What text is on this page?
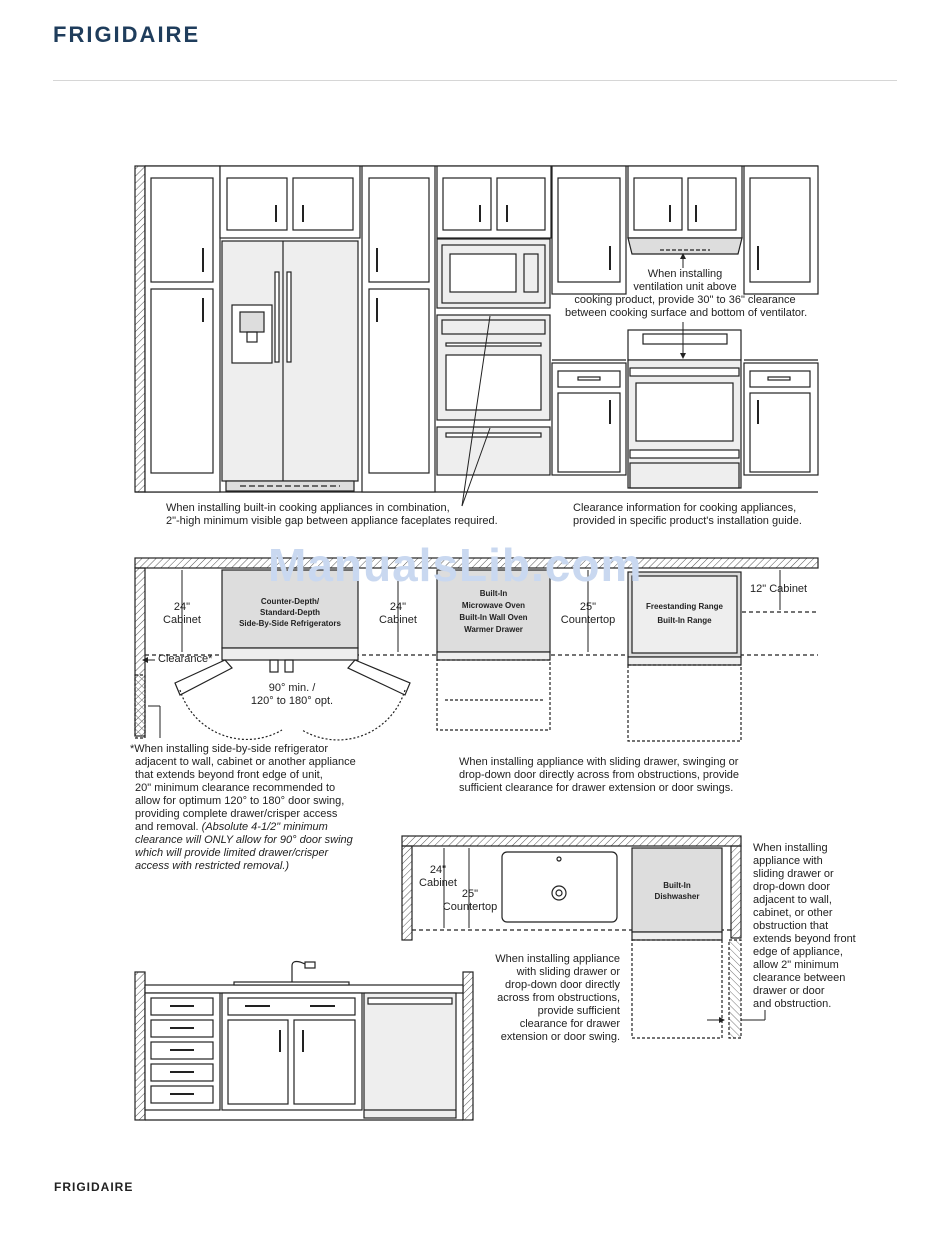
FRIGIDAIRE
ManualsLib.com
When installing
ventilation unit above
cooking product, provide 30" to 36" clearance
between cooking surface and bottom of ventilator.
When installing built-in cooking appliances in combination,
2"-high minimum visible gap between appliance faceplates required.
Clearance information for cooking appliances,
provided in specific product's installation guide.
24"
Cabinet
Counter-Depth/
Standard-Depth
Side-By-Side Refrigerators
24"
Cabinet
Built-In
Microwave Oven
Built-In Wall Oven
Warmer Drawer
25"
Countertop
Freestanding Range
Built-In Range
12" Cabinet
Clearance*
90° min. /
120° to 180° opt.
*When installing side-by-side refrigerator
adjacent to wall, cabinet or another appliance
that extends beyond front edge of unit,
20" minimum clearance recommended to
allow for optimum 120° to 180° door swing,
providing complete drawer/crisper access
and removal. (Absolute 4-1/2" minimum
clearance will ONLY allow for 90° door swing
which will provide limited drawer/crisper
access with restricted removal.)
When installing appliance with sliding drawer, swinging or
drop-down door directly across from obstructions, provide
sufficient clearance for drawer extension or door swings.
24"
Cabinet
25"
Countertop
Built-In
Dishwasher
When installing
appliance with
sliding drawer or
drop-down door
adjacent to wall,
cabinet, or other
obstruction that
extends beyond front
edge of appliance,
allow 2" minimum
clearance between
drawer or door
and obstruction.
When installing appliance
with sliding drawer or
drop-down door directly
across from obstructions,
provide sufficient
clearance for drawer
extension or door swing.
FRIGIDAIRE
